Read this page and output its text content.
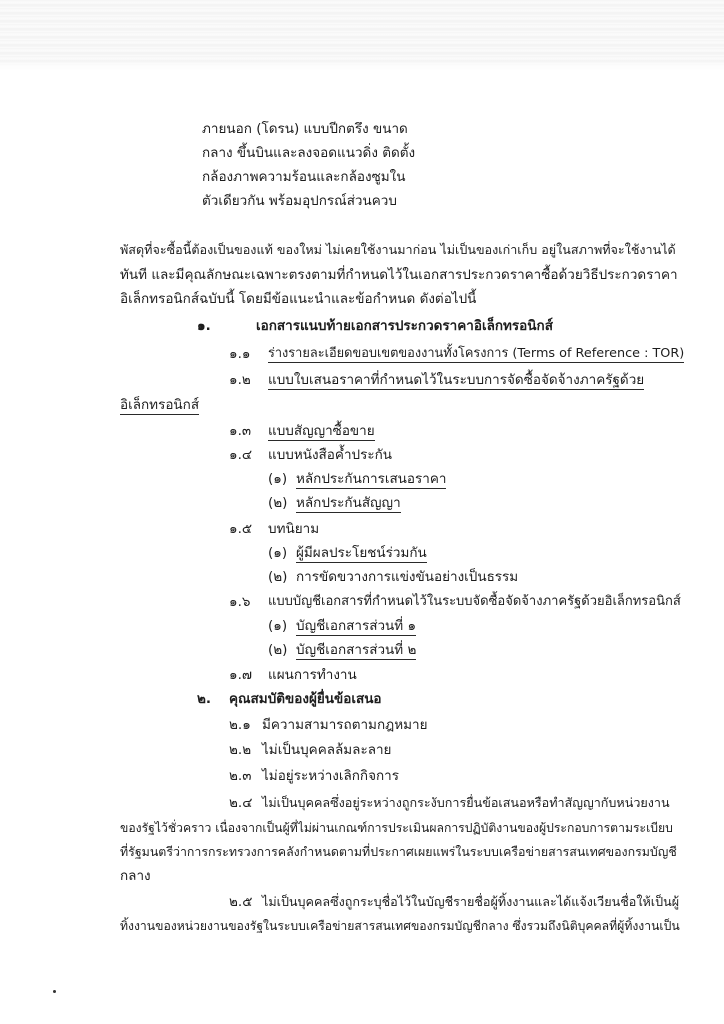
ภายนอก (โดรน) แบบปีกตรึง ขนาด
กลาง ขึ้นบินและลงจอดแนวดิ่ง ติดตั้ง
กล้องภาพความร้อนและกล้องซูมใน
ตัวเดียวกัน พร้อมอุปกรณ์ส่วนควบ
พัสดุที่จะซื้อนี้ต้องเป็นของแท้ ของใหม่ ไม่เคยใช้งานมาก่อน ไม่เป็นของเก่าเก็บ อยู่ในสภาพที่จะใช้งานได้
ทันที และมีคุณลักษณะเฉพาะตรงตามที่กำหนดไว้ในเอกสารประกวดราคาซื้อด้วยวิธีประกวดราคา
อิเล็กทรอนิกส์ฉบับนี้ โดยมีข้อแนะนำและข้อกำหนด ดังต่อไปนี้
๑.	เอกสารแนบท้ายเอกสารประกวดราคาอิเล็กทรอนิกส์
๑.๑ ร่างรายละเอียดขอบเขตของงานทั้งโครงการ (Terms of Reference : TOR)
๑.๒ แบบใบเสนอราคาที่กำหนดไว้ในระบบการจัดซื้อจัดจ้างภาครัฐด้วย
อิเล็กทรอนิกส์
๑.๓ แบบสัญญาซื้อขาย
๑.๔ แบบหนังสือค้ำประกัน
(๑) หลักประกันการเสนอราคา
(๒) หลักประกันสัญญา
๑.๕ บทนิยาม
(๑) ผู้มีผลประโยชน์ร่วมกัน
(๒) การขัดขวางการแข่งขันอย่างเป็นธรรม
๑.๖ แบบบัญชีเอกสารที่กำหนดไว้ในระบบจัดซื้อจัดจ้างภาครัฐด้วยอิเล็กทรอนิกส์
(๑) บัญชีเอกสารส่วนที่ ๑
(๒) บัญชีเอกสารส่วนที่ ๒
๑.๗ แผนการทำงาน
๒. คุณสมบัติของผู้ยื่นข้อเสนอ
๒.๑ มีความสามารถตามกฎหมาย
๒.๒ ไม่เป็นบุคคลล้มละลาย
๒.๓ ไม่อยู่ระหว่างเลิกกิจการ
๒.๔ ไม่เป็นบุคคลซึ่งอยู่ระหว่างถูกระงับการยื่นข้อเสนอหรือทำสัญญากับหน่วยงาน
ของรัฐไว้ชั่วคราว เนื่องจากเป็นผู้ที่ไม่ผ่านเกณฑ์การประเมินผลการปฏิบัติงานของผู้ประกอบการตามระเบียบ
ที่รัฐมนตรีว่าการกระทรวงการคลังกำหนดตามที่ประกาศเผยแพร่ในระบบเครือข่ายสารสนเทศของกรมบัญชี
กลาง
๒.๕ ไม่เป็นบุคคลซึ่งถูกระบุชื่อไว้ในบัญชีรายชื่อผู้ทิ้งงานและได้แจ้งเวียนชื่อให้เป็นผู้
ทิ้งงานของหน่วยงานของรัฐในระบบเครือข่ายสารสนเทศของกรมบัญชีกลาง ซึ่งรวมถึงนิติบุคคลที่ผู้ทิ้งงานเป็น
